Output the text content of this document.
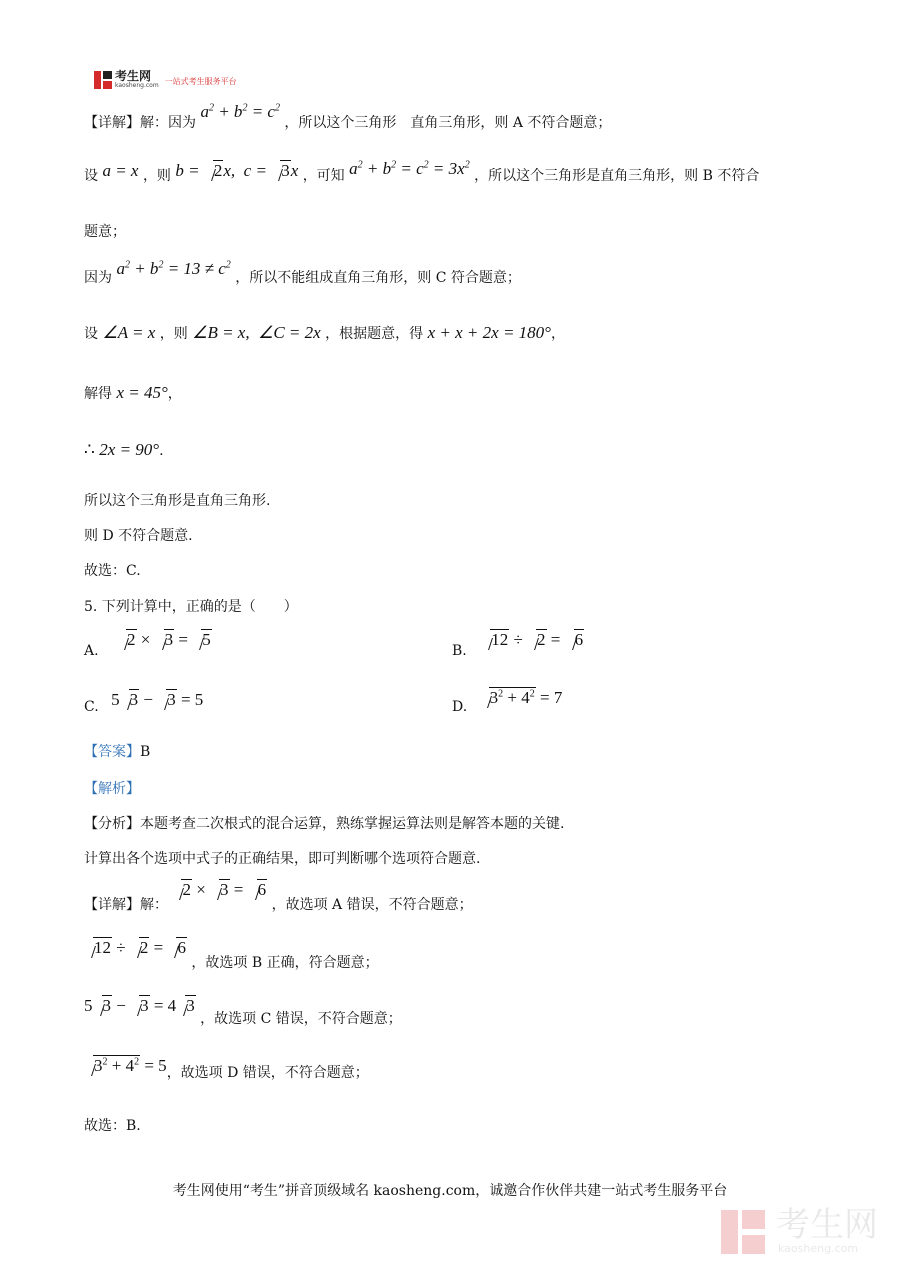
考生网
kaosheng.com 一站式考生服务平台
【详解】解：因为 $a^2 + b^2 = c^2$ ，所以这个三角形　直角三角形，则 A 不符合题意；
设 a = x ，则 b = 2x,  c = 3x ，可知 $a^2 + b^2 = c^2 = 3x^2$ ，所以这个三角形是直角三角形，则 B 不符合
题意；
因为 $a^2 + b^2 = 13 \ne c^2$ ，所以不能组成直角三角形，则 C 符合题意；
设 ∠A = x ，则 ∠B = x,  ∠C = 2x ，根据题意，得 x + x + 2x = 180°，
解得 x = 45°，
∴ 2x = 90°.
所以这个三角形是直角三角形.
则 D 不符合题意.
故选：C.
5. 下列计算中，正确的是（　　）
A. 2 × 3 = 5
B. 12 ÷ 2 = 6
C. 5 3 − 3 = 5	D. $3^2 + 4^2 = 7$
【答案】B
【解析】
【分析】本题考查二次根式的混合运算，熟练掌握运算法则是解答本题的关键.
计算出各个选项中式子的正确结果，即可判断哪个选项符合题意.
【详解】解： 2 × 3 = 6 ，故选项 A 错误，不符合题意；
12 ÷ 2 = 6 ，故选项 B 正确，符合题意；
5 3 − 3 = 4 3 ，故选项 C 错误，不符合题意；
$3^2 + 4^2 = 5$，故选项 D 错误，不符合题意；
故选：B.
考生网使用“考生”拼音顶级域名 kaosheng.com，诚邀合作伙伴共建一站式考生服务平台
考生网
kaosheng.com
